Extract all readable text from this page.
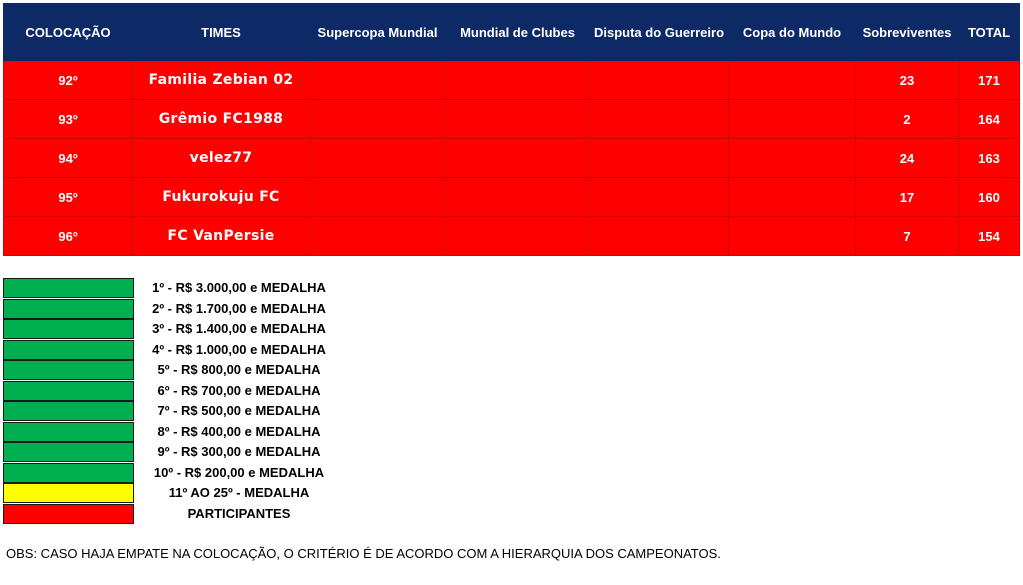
COLOCAÇÃO	TIMES	Supercopa Mundial	Mundial de Clubes	Disputa do Guerreiro	Copa do Mundo	Sobreviventes	TOTAL
92º	Familia Zebian 02					23	171
93º	Grêmio FC1988					2	164
94º	velez77					24	163
95º	Fukurokuju FC					17	160
96º	FC VanPersie					7	154
1º - R$ 3.000,00 e MEDALHA
2º - R$ 1.700,00 e MEDALHA
3º - R$ 1.400,00 e MEDALHA
4º - R$ 1.000,00 e MEDALHA
5º - R$ 800,00 e MEDALHA
6º - R$ 700,00 e MEDALHA
7º - R$ 500,00 e MEDALHA
8º - R$ 400,00 e MEDALHA
9º - R$ 300,00 e MEDALHA
10º - R$ 200,00 e MEDALHA
11º AO 25º - MEDALHA
PARTICIPANTES
OBS: CASO HAJA EMPATE NA COLOCAÇÃO, O CRITÉRIO É DE ACORDO COM A HIERARQUIA DOS CAMPEONATOS.
